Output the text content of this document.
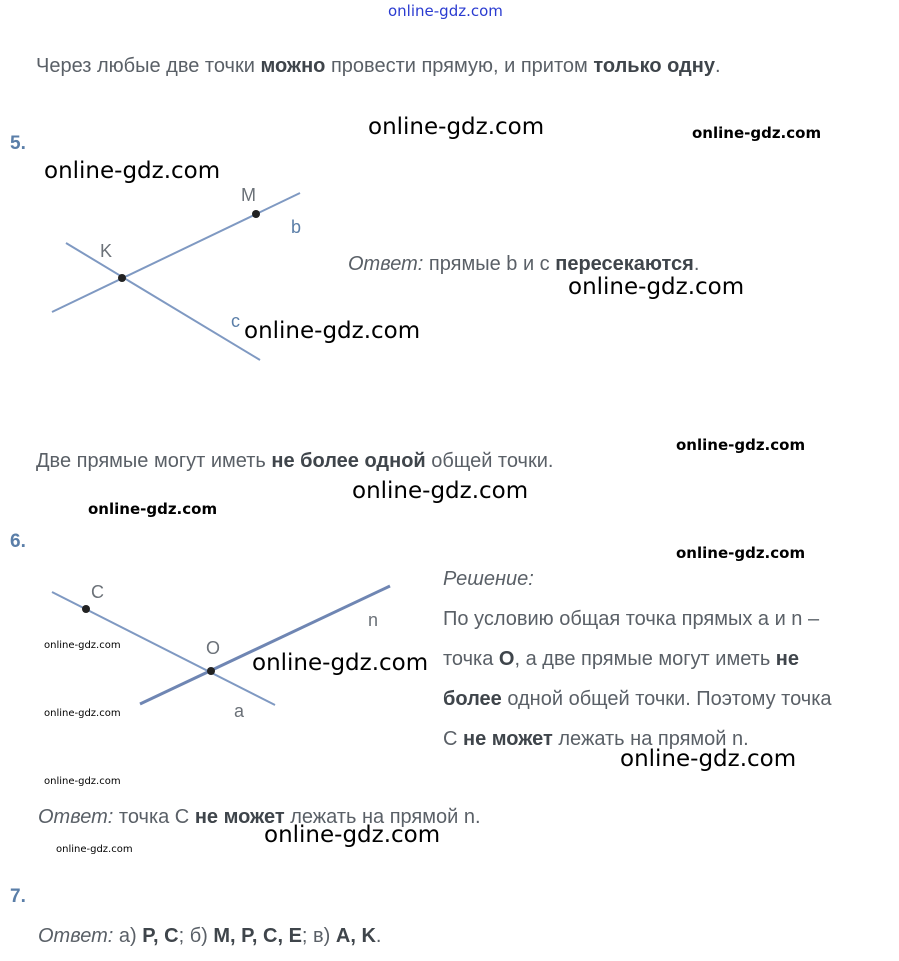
online-gdz.com
Через любые две точки можно провести прямую, и притом только одну.
5.
M
K
b
c
C
O
n
a
Ответ: прямые b и с пересекаются.
Две прямые могут иметь не более одной общей точки.
6.
Решение:
По условию общая точка прямых а и n –
точка О, а две прямые могут иметь не
более одной общей точки. Поэтому точка
С не может лежать на прямой n.
Ответ: точка С не может лежать на прямой n.
7.
Ответ: а) P, C; б) M, P, C, E; в) A, K.
online-gdz.com	online-gdz.com
online-gdz.com
online-gdz.com
online-gdz.com
online-gdz.com
online-gdz.com
online-gdz.com
online-gdz.com
online-gdz.com
online-gdz.com
online-gdz.com
online-gdz.com
online-gdz.com
online-gdz.com
online-gdz.com
